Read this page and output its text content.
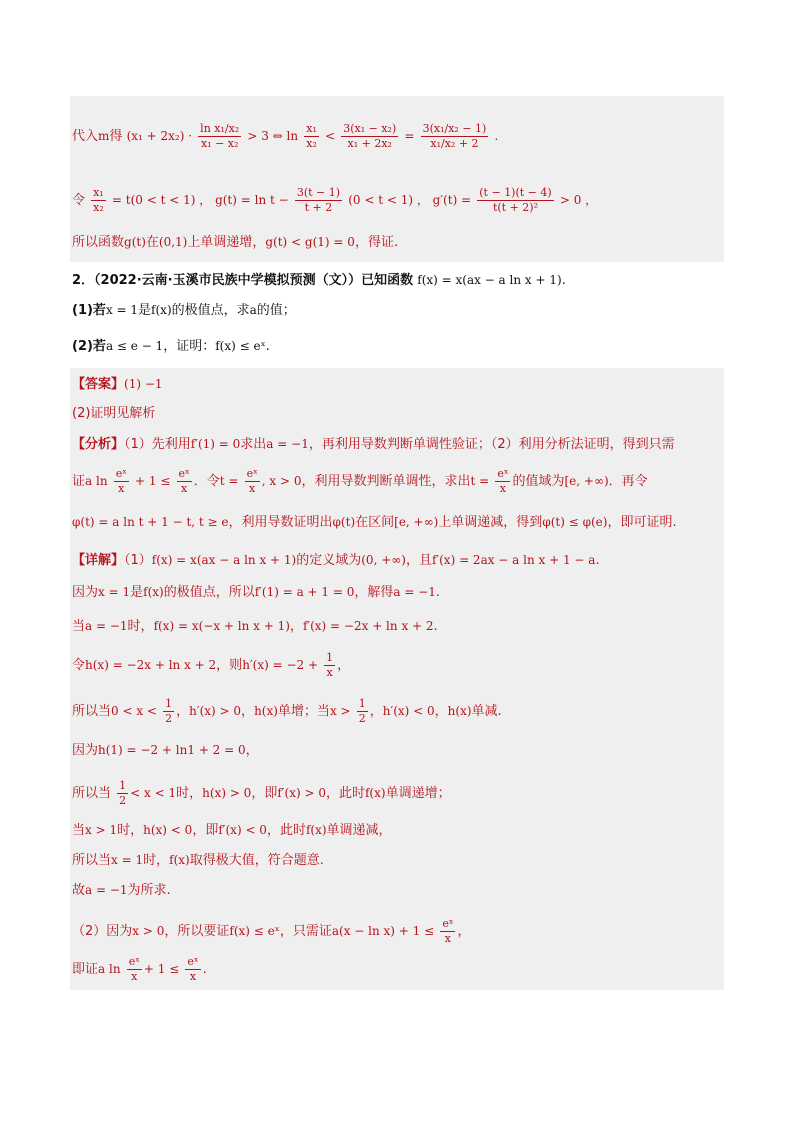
代入m得 $(x_1 + 2x_2) \cdot \frac{\text{ln x₁/x₂}}{\text{x₁ − x₂}} > 3$ ⇔ $\ln \frac{\text{x₁}}{\text{x₂}} < \frac{\text{3(x₁ − x₂)}}{\text{x₁ + 2x₂}} = \frac{\text{3(x₁/x₂ − 1)}}{\text{x₁/x₂ + 2}}$ .
令 $\frac{\text{x₁}}{\text{x₂}} = t(0 < t < 1)$ ， $g(t) = \ln t - \frac{3(t - 1)}{t + 2} (0 < t < 1)$ ， $g'(t) = \frac{(t - 1)(t - 4)}{\text{t(t + 2)²}} > 0$ ，
所以函数g(t)在(0,1)上单调递增，g(t) < g(1) = 0，得证.
2．（2022·云南·玉溪市民族中学模拟预测（文））已知函数 f(x) = x(ax − a ln x + 1).
(1)若x = 1是f(x)的极值点，求a的值；
(2)若a ≤ e − 1，证明：f(x) ≤ eˣ.
【答案】(1) −1
(2)证明见解析
【分析】（1）先利用f′(1) = 0求出a = −1，再利用导数判断单调性验证；（2）利用分析法证明，得到只需
证a $\ln \frac{\text{eˣ}}{x} + 1 \le \frac{\text{eˣ}}{x}$ ．令$t = \frac{\text{eˣ}}{x}$ , x > 0，利用导数判断单调性，求出$t = \frac{\text{eˣ}}{x}$ 的值域为[e, +∞)．再令
φ(t) = a ln t + 1 − t, t ≥ e，利用导数证明出φ(t)在区间[e, +∞)上单调递减，得到φ(t) ≤ φ(e)，即可证明.
【详解】（1）f(x) = x(ax − a ln x + 1)的定义域为(0, +∞)，且f′(x) = 2ax − a ln x + 1 − a.
因为x = 1是f(x)的极值点，所以f′(1) = a + 1 = 0，解得a = −1.
当a = −1时，f(x) = x(−x + ln x + 1)，f′(x) = −2x + ln x + 2.
令h(x) = −2x + ln x + 2，则$h'(x) = -2 + \frac{1}{x}$ ，
所以当$0 < x < \frac{1}{2}$ ，h′(x) > 0，h(x)单增；当$x > \frac{1}{2}$ ，h′(x) < 0，h(x)单减.
因为h(1) = −2 + ln1 + 2 = 0，
所以当 $\frac{1}{2} < x < 1$时，h(x) > 0，即f′(x) > 0，此时f(x)单调递增；
当x > 1时，h(x) < 0，即f′(x) < 0，此时f(x)单调递减，
所以当x = 1时，f(x)取得极大值，符合题意.
故a = −1为所求.
（2）因为x > 0，所以要证f(x) ≤ eˣ，只需证$a(x - \ln x) + 1 \le \frac{\text{eˣ}}{x}$ ，
即证a $\ln \frac{\text{eˣ}}{x} + 1 \le \frac{\text{eˣ}}{x}$ .
